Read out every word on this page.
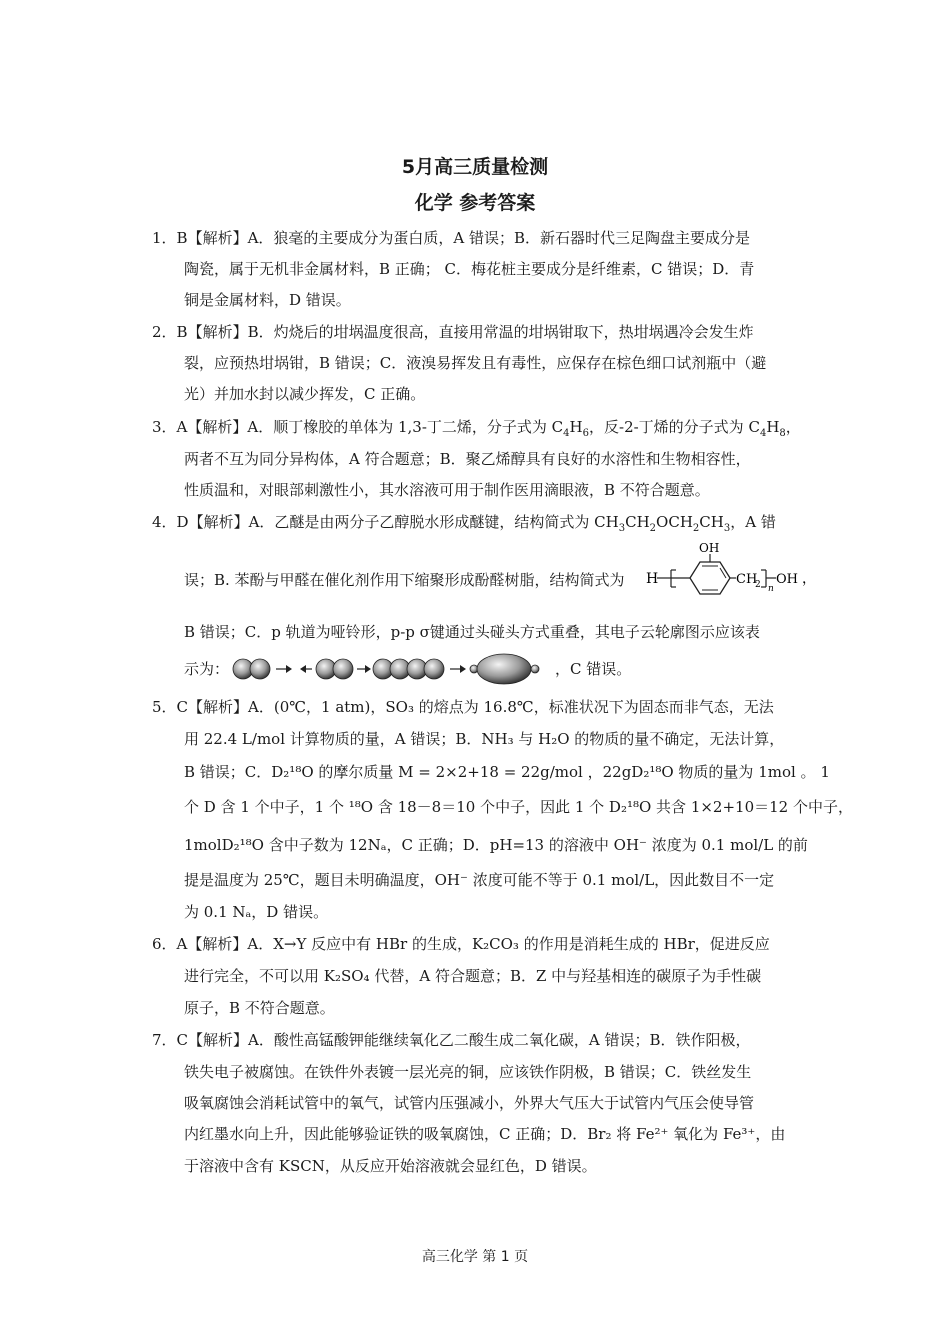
5月高三质量检测
化学 参考答案
1．B【解析】A．狼毫的主要成分为蛋白质，A 错误；B．新石器时代三足陶盘主要成分是
陶瓷，属于无机非金属材料，B 正确； C．梅花桩主要成分是纤维素，C 错误；D．青
铜是金属材料，D 错误。
2．B【解析】B．灼烧后的坩埚温度很高，直接用常温的坩埚钳取下，热坩埚遇冷会发生炸
裂，应预热坩埚钳，B 错误；C．液溴易挥发且有毒性，应保存在棕色细口试剂瓶中（避
光）并加水封以减少挥发，C 正确。
3．A【解析】A．顺丁橡胶的单体为 1,3-丁二烯，分子式为 $C_4H_6$，反-2-丁烯的分子式为 $C_4H_8$，
两者不互为同分异构体，A 符合题意；B．聚乙烯醇具有良好的水溶性和生物相容性，
性质温和，对眼部刺激性小，其水溶液可用于制作医用滴眼液，B 不符合题意。
4．D【解析】A．乙醚是由两分子乙醇脱水形成醚键，结构简式为 $CH_3CH_2OCH_2CH_3$，A 错
误；B. 苯酚与甲醛在催化剂作用下缩聚形成酚醛树脂，结构简式为 H
OH
CH
2 n
OH ，
B 错误；C．p 轨道为哑铃形，p-p σ键通过头碰头方式重叠，其电子云轮廓图示应该表
示为：	，C 错误。
5．C【解析】A．(0℃，1 atm)，SO₃ 的熔点为 16.8℃，标准状况下为固态而非气态，无法
用 22.4 L/mol 计算物质的量，A 错误；B．NH₃ 与 H₂O 的物质的量不确定，无法计算，
B 错误；C．D₂¹⁸O 的摩尔质量 M = 2×2+18 = 22g/mol ，22gD₂¹⁸O 物质的量为 1mol 。 1
个 D 含 1 个中子，1 个 ¹⁸O 含 18－8＝10 个中子，因此 1 个 D₂¹⁸O 共含 1×2+10＝12 个中子，
1molD₂¹⁸O 含中子数为 12Nₐ，C 正确；D．pH=13 的溶液中 OH⁻ 浓度为 0.1 mol/L 的前
提是温度为 25℃，题目未明确温度，OH⁻ 浓度可能不等于 0.1 mol/L，因此数目不一定
为 0.1 Nₐ，D 错误。
6．A【解析】A．X→Y 反应中有 HBr 的生成，K₂CO₃ 的作用是消耗生成的 HBr，促进反应
进行完全，不可以用 K₂SO₄ 代替，A 符合题意；B．Z 中与羟基相连的碳原子为手性碳
原子，B 不符合题意。
7．C【解析】A．酸性高锰酸钾能继续氧化乙二酸生成二氧化碳，A 错误；B．铁作阳极，
铁失电子被腐蚀。在铁件外表镀一层光亮的铜，应该铁作阴极，B 错误；C．铁丝发生
吸氧腐蚀会消耗试管中的氧气，试管内压强减小，外界大气压大于试管内气压会使导管
内红墨水向上升，因此能够验证铁的吸氧腐蚀，C 正确；D．Br₂ 将 Fe²⁺ 氧化为 Fe³⁺，由
于溶液中含有 KSCN，从反应开始溶液就会显红色，D 错误。
高三化学 第 1 页
